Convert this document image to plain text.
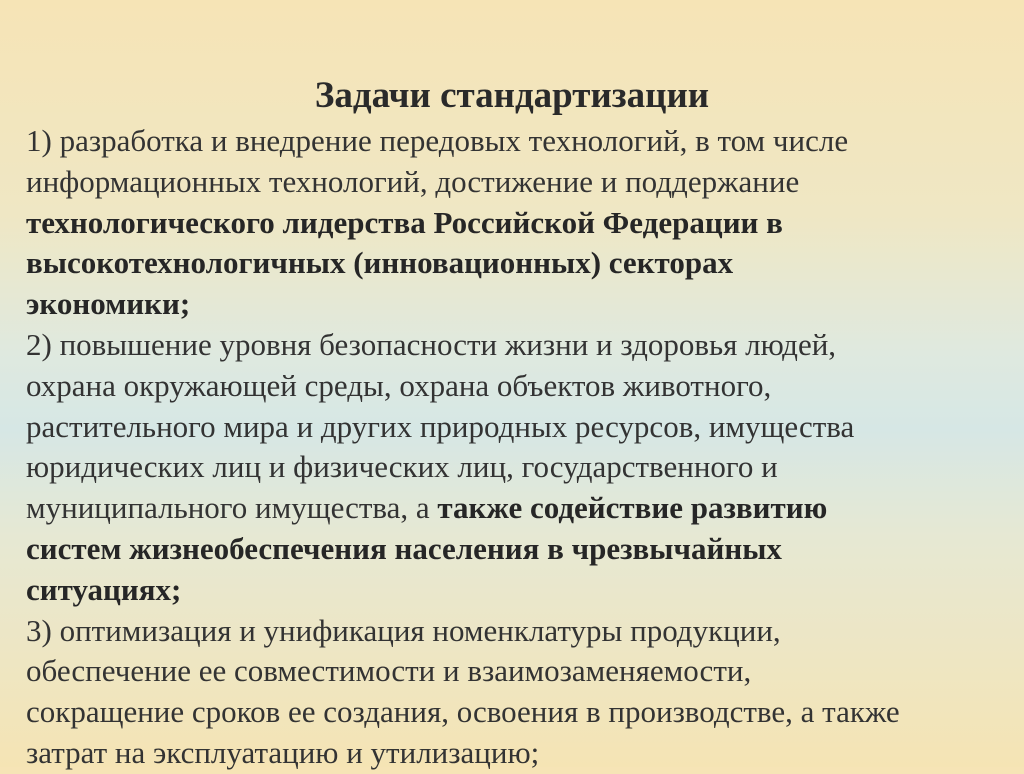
Задачи стандартизации
1) разработка и внедрение передовых технологий, в том числе
информационных технологий, достижение и поддержание
технологического лидерства Российской Федерации в
высокотехнологичных (инновационных) секторах
экономики;
2) повышение уровня безопасности жизни и здоровья людей,
охрана окружающей среды, охрана объектов животного,
растительного мира и других природных ресурсов, имущества
юридических лиц и физических лиц, государственного и
муниципального имущества, а также содействие развитию
систем жизнеобеспечения населения в чрезвычайных
ситуациях;
3) оптимизация и унификация номенклатуры продукции,
обеспечение ее совместимости и взаимозаменяемости,
сокращение сроков ее создания, освоения в производстве, а также
затрат на эксплуатацию и утилизацию;
